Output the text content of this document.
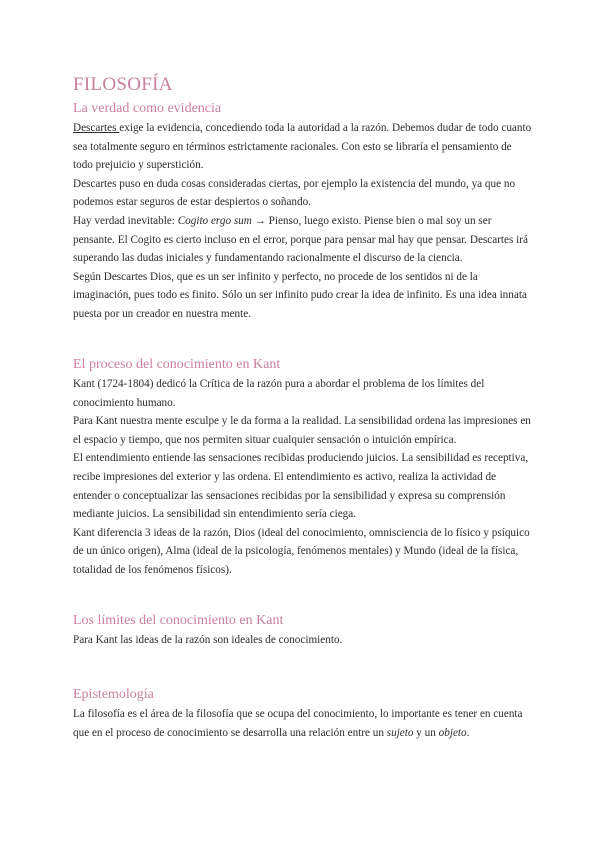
FILOSOFÍA
La verdad como evidencia

Descartes exige la evidencia, concediendo toda la autoridad a la razón. Debemos dudar de todo cuanto sea totalmente seguro en términos estrictamente racionales. Con esto se libraría el pensamiento de todo prejuicio y superstición.

Descartes puso en duda cosas consideradas ciertas, por ejemplo la existencia del mundo, ya que no podemos estar seguros de estar despiertos o soñando.

Hay verdad inevitable: Cogito ergo sum → Pienso, luego existo. Piense bien o mal soy un ser pensante. El Cogito es cierto incluso en el error, porque para pensar mal hay que pensar. Descartes irá superando las dudas iniciales y fundamentando racionalmente el discurso de la ciencia.

Según Descartes Dios, que es un ser infinito y perfecto, no procede de los sentidos ni de la imaginación, pues todo es finito. Sólo un ser infinito pudo crear la idea de infinito. Es una idea innata puesta por un creador en nuestra mente.

El proceso del conocimiento en Kant

Kant (1724-1804) dedicó la Crítica de la razón pura a abordar el problema de los límites del conocimiento humano.

Para Kant nuestra mente esculpe y le da forma a la realidad. La sensibilidad ordena las impresiones en el espacio y tiempo, que nos permiten situar cualquier sensación o intuición empírica.

El entendimiento entiende las sensaciones recibidas produciendo juicios. La sensibilidad es receptiva, recibe impresiones del exterior y las ordena. El entendimiento es activo, realiza la actividad de entender o conceptualizar las sensaciones recibidas por la sensibilidad y expresa su comprensión mediante juicios. La sensibilidad sin entendimiento sería ciega.

Kant diferencia 3 ideas de la razón, Dios (ideal del conocimiento, omnisciencia de lo físico y psíquico de un único origen), Alma (ideal de la psicología, fenómenos mentales) y Mundo (ideal de la física, totalidad de los fenómenos físicos).

Los límites del conocimiento en Kant

Para Kant las ideas de la razón son ideales de conocimiento.

Epistemología

La filosofía es el área de la filosofía que se ocupa del conocimiento, lo importante es tener en cuenta que en el proceso de conocimiento se desarrolla una relación entre un sujeto y un objeto.
